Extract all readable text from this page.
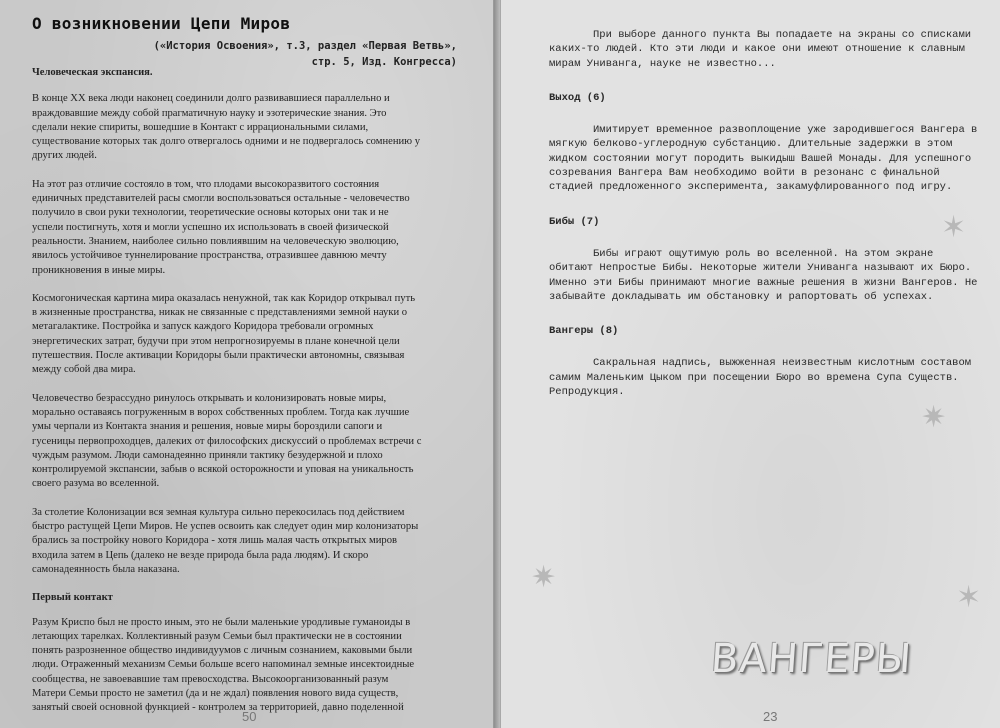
О возникновении Цепи Миров
(«История Освоения», т.3, раздел «Первая Ветвь»,
стр. 5, Изд. Конгресса)
Человеческая экспансия.

В конце XX века люди наконец соединили долго развивавшиеся параллельно и враждовавшие между собой прагматичную науку и эзотерические знания. Это сделали некие спириты, вошедшие в Контакт с иррациональными силами, существование которых так долго отвергалось одними и не подвергалось сомнению у других людей.

На этот раз отличие состояло в том, что плодами высокоразвитого состояния единичных представителей расы смогли воспользоваться остальные - человечество получило в свои руки технологии, теоретические основы которых они так и не успели постигнуть, хотя и могли успешно их использовать в своей физической реальности. Знанием, наиболее сильно повлиявшим на человеческую эволюцию, явилось устойчивое туннелирование пространства, отразившее давнюю мечту проникновения в иные миры.

Космогоническая картина мира оказалась ненужной, так как Коридор открывал путь в жизненные пространства, никак не связанные с представлениями земной науки о метагалактике. Постройка и запуск каждого Коридора требовали огромных энергетических затрат, будучи при этом непрогнозируемы в плане конечной цели путешествия. После активации Коридоры были практически автономны, связывая между собой два мира.

Человечество безрассудно ринулось открывать и колонизировать новые миры, морально оставаясь погруженным в ворох собственных проблем. Тогда как лучшие умы черпали из Контакта знания и решения, новые миры бороздили сапоги и гусеницы первопроходцев, далеких от философских дискуссий о проблемах встречи с чуждым разумом. Люди самонадеянно приняли тактику безудержной и плохо контролируемой экспансии, забыв о всякой осторожности и уповая на уникальность своего разума во вселенной.

За столетие Колонизации вся земная культура сильно перекосилась под действием быстро растущей Цепи Миров. Не успев освоить как следует один мир колонизаторы брались за постройку нового Коридора - хотя лишь малая часть открытых миров входила затем в Цепь (далеко не везде природа была рада людям). И скоро самонадеянность была наказана.

Первый контакт

Разум Криспо был не просто иным, это не были маленькие уродливые гуманоиды в летающих тарелках. Коллективный разум Семьи был практически не в состоянии понять разрозненное общество индивидуумов с личным сознанием, каковыми были люди. Отраженный механизм Семьи больше всего напоминал земные инсектоидные сообщества, не завоевавшие там превосходства. Высокоорганизованный разум Матери Семьи просто не заметил (да и не ждал) появления нового вида существ, занятый своей основной функцией - контролем за территорией, давно поделенной

50
✶
✷
✶
✷

При выборе данного пункта Вы попадаете на экраны со списками каких-то людей. Кто эти люди и какое они имеют отношение к славным мирам Униванга, науке не известно...

Выход (6)

Имитирует временное развоплощение уже зародившегося Вангера в мягкую белково-углеродную субстанцию. Длительные задержки в этом жидком состоянии могут породить выкидыш Вашей Монады. Для успешного созревания Вангера Вам необходимо войти в резонанс с финальной стадией предложенного эксперимента, закамуфлированного под игру.

Бибы (7)

Бибы играют ощутимую роль во вселенной. На этом экране обитают Непростые Бибы. Некоторые жители Униванга называют их Бюро. Именно эти Бибы принимают многие важные решения в жизни Вангеров. Не забывайте докладывать им обстановку и рапортовать об успехах.

Вангеры (8)

Сакральная надпись, выжженная неизвестным кислотным составом самим Маленьким Цыком при посещении Бюро во времена Супа Существ. Репродукция.

ВАНГЕРЫ
23
